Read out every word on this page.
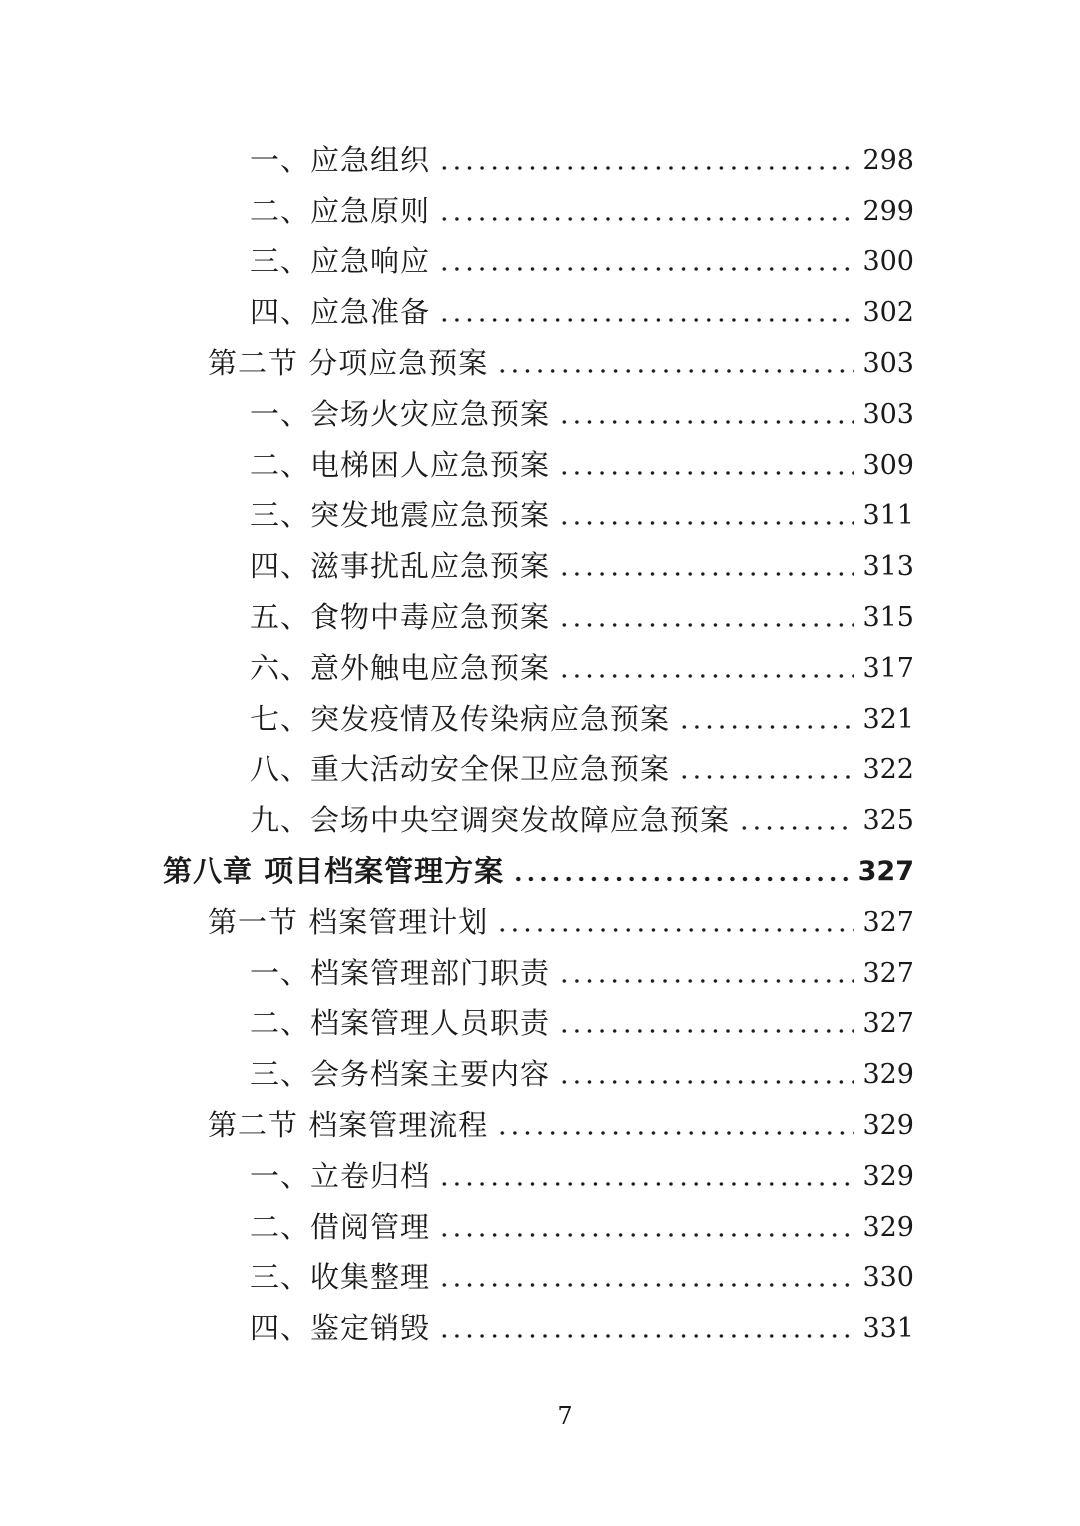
一、应急组织	298
二、应急原则	299
三、应急响应	300
四、应急准备	302
第二节 分项应急预案	303
一、会场火灾应急预案	303
二、电梯困人应急预案	309
三、突发地震应急预案	311
四、滋事扰乱应急预案	313
五、食物中毒应急预案	315
六、意外触电应急预案	317
七、突发疫情及传染病应急预案	321
八、重大活动安全保卫应急预案	322
九、会场中央空调突发故障应急预案	325
第八章 项目档案管理方案	327
第一节 档案管理计划	327
一、档案管理部门职责	327
二、档案管理人员职责	327
三、会务档案主要内容	329
第二节 档案管理流程	329
一、立卷归档	329
二、借阅管理	329
三、收集整理	330
四、鉴定销毁	331
7
